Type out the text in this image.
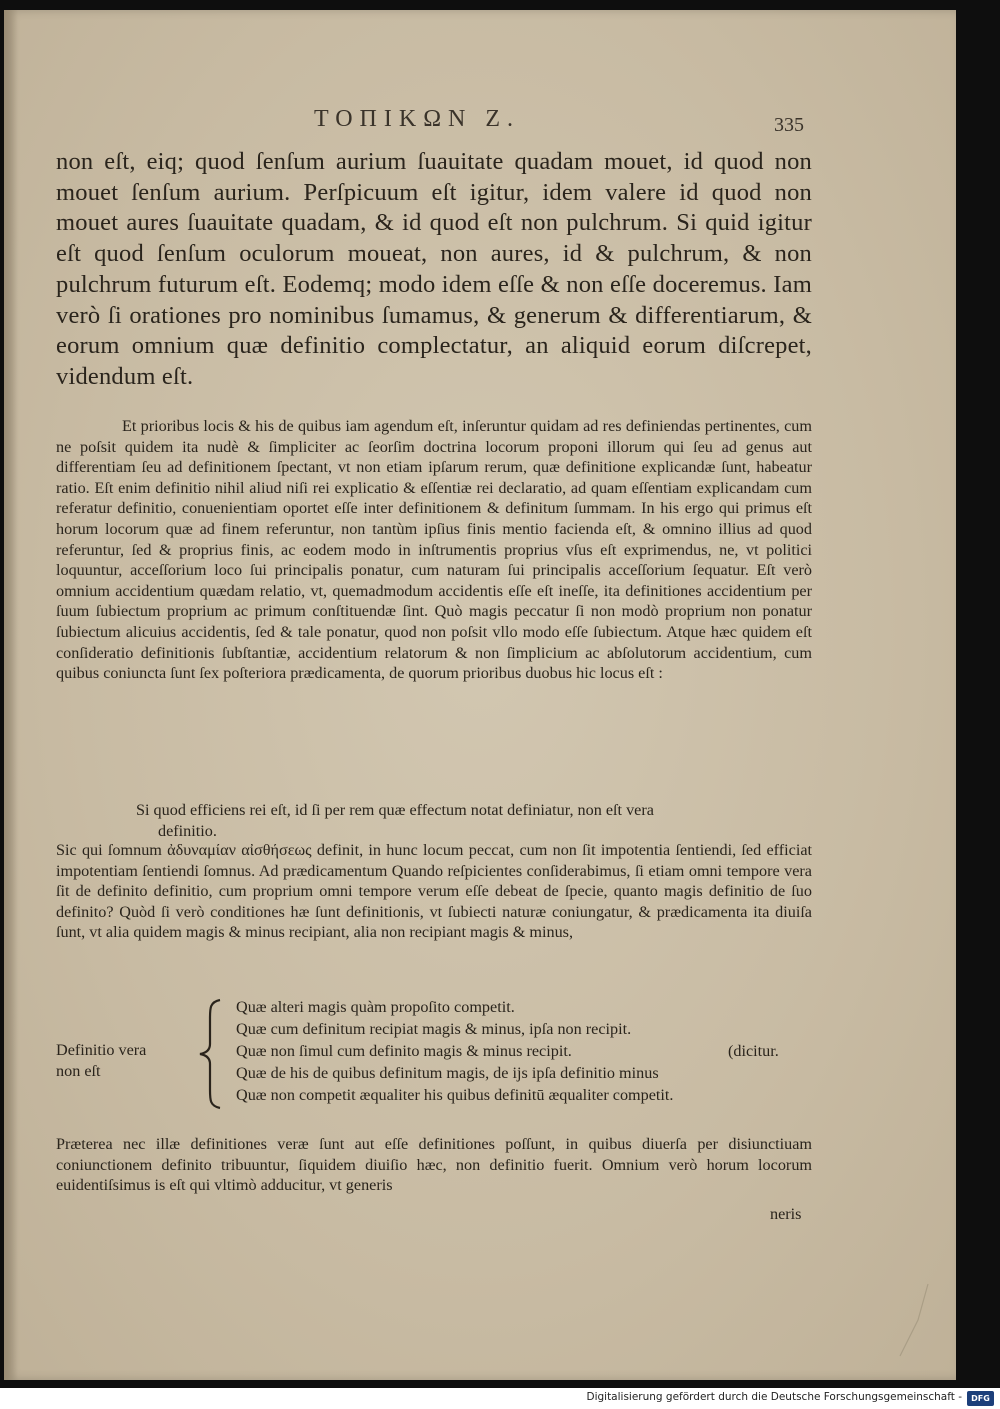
ΤΟΠΙΚΩΝ Ζ.	335

non eſt, eiq; quod ſenſum aurium ſuauitate quadam mouet, id quod non mouet ſenſum aurium. Perſpicuum eſt igitur, idem valere id quod non mouet aures ſuauitate quadam, & id quod eſt non pulchrum. Si quid igitur eſt quod ſenſum oculorum moueat, non aures, id & pulchrum, & non pulchrum futurum eſt. Eodemq; modo idem eſſe & non eſſe doceremus. Iam verò ſi orationes pro nominibus ſumamus, & generum & differentiarum, & eorum omnium quæ definitio complectatur, an aliquid eorum diſcrepet, videndum eſt.

Et prioribus locis & his de quibus iam agendum eſt, inſeruntur quidam ad res definiendas pertinentes, cum ne poſsit quidem ita nudè & ſimpliciter ac ſeorſim doctrina locorum proponi illorum qui ſeu ad genus aut differentiam ſeu ad definitionem ſpectant, vt non etiam ipſarum rerum, quæ definitione explicandæ ſunt, habeatur ratio. Eſt enim definitio nihil aliud niſi rei explicatio & eſſentiæ rei declaratio, ad quam eſſentiam explicandam cum referatur definitio, conuenientiam oportet eſſe inter definitionem & definitum ſummam. In his ergo qui primus eſt horum locorum quæ ad finem referuntur, non tantùm ipſius finis mentio facienda eſt, & omnino illius ad quod referuntur, ſed & proprius finis, ac eodem modo in inſtrumentis proprius vſus eſt exprimendus, ne, vt politici loquuntur, acceſſorium loco ſui principalis ponatur, cum naturam ſui principalis acceſſorium ſequatur. Eſt verò omnium accidentium quædam relatio, vt, quemadmodum accidentis eſſe eſt ineſſe, ita definitiones accidentium per ſuum ſubiectum proprium ac primum conſtituendæ ſint. Quò magis peccatur ſi non modò proprium non ponatur ſubiectum alicuius accidentis, ſed & tale ponatur, quod non poſsit vllo modo eſſe ſubiectum. Atque hæc quidem eſt conſideratio definitionis ſubſtantiæ, accidentium relatorum & non ſimplicium ac abſolutorum accidentium, cum quibus coniuncta ſunt ſex poſteriora prædicamenta, de quorum prioribus duobus hic locus eſt :

Si quod efficiens rei eſt, id ſi per rem quæ effectum notat definiatur, non eſt vera
definitio.

Sic qui ſomnum ἀδυναμίαν αἰσθήσεως definit, in hunc locum peccat, cum non ſit impotentia ſentiendi, ſed efficiat impotentiam ſentiendi ſomnus. Ad prædicamentum Quando reſpicientes conſiderabimus, ſi etiam omni tempore vera ſit de definito definitio, cum proprium omni tempore verum eſſe debeat de ſpecie, quanto magis definitio de ſuo definito? Quòd ſi verò conditiones hæ ſunt definitionis, vt ſubiecti naturæ coniungatur, & prædicamenta ita diuiſa ſunt, vt alia quidem magis & minus recipiant, alia non recipiant magis & minus,

Definitio vera
non eſt
Quæ alteri magis quàm propoſito competit.
Quæ cum definitum recipiat magis & minus, ipſa non recipit.
Quæ non ſimul cum definito magis & minus recipit.	(dicitur.
Quæ de his de quibus definitum magis, de ijs ipſa definitio minus
Quæ non competit æqualiter his quibus definitū æqualiter competit.

Præterea nec illæ definitiones veræ ſunt aut eſſe definitiones poſſunt, in quibus diuerſa per disiunctiuam coniunctionem definito tribuuntur, ſiquidem diuiſio hæc, non definitio fuerit. Omnium verò horum locorum euidentiſsimus is eſt qui vltimò adducitur, vt generis

neris
Digitalisierung gefördert durch die Deutsche Forschungsgemeinschaft -	DFG
